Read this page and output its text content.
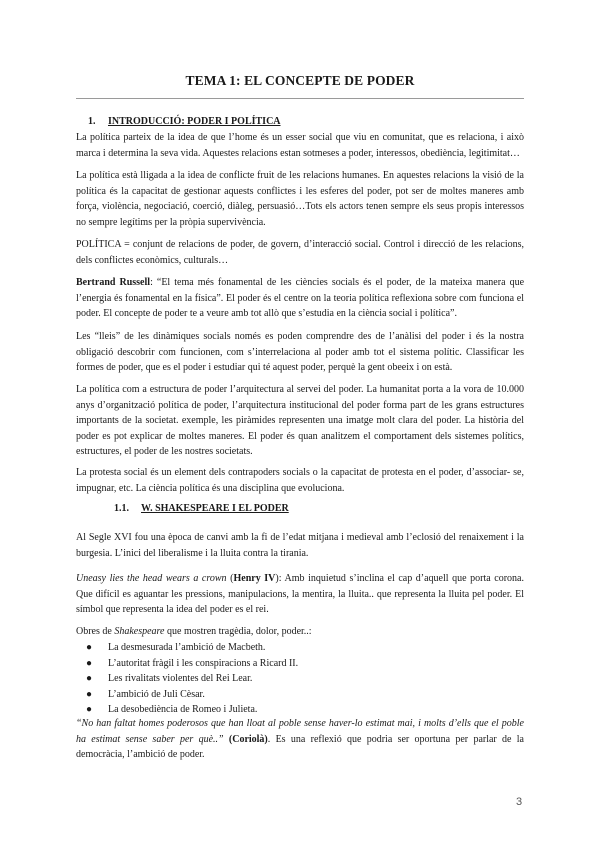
TEMA 1: EL CONCEPTE DE PODER
1. INTRODUCCIÓ: PODER I POLÍTICA
La política parteix de la idea de que l’home és un esser social que viu en comunitat, que es relaciona, i això marca i determina la seva vida. Aquestes relacions estan sotmeses a poder, interessos, obediència, legitimitat…
La política està lligada a la idea de conflicte fruit de les relacions humanes. En aquestes relacions la visió de la política és la capacitat de gestionar aquests conflictes i les esferes del poder, pot ser de moltes maneres amb força, violència, negociació, coerció, diàleg, persuasió…Tots els actors tenen sempre els seus propis interessos no sempre legítims per la pròpia supervivència.
POLÍTICA = conjunt de relacions de poder, de govern, d’interacció social. Control i direcció de les relacions, dels conflictes econòmics, culturals…
Bertrand Russell: “El tema més fonamental de les ciències socials és el poder, de la mateixa manera que l’energia és fonamental en la física”. El poder és el centre on la teoria política reflexiona sobre com funciona el poder. El concepte de poder te a veure amb tot allò que s’estudia en la ciència social i política”.
Les “lleis” de les dinàmiques socials només es poden comprendre des de l’anàlisi del poder i és la nostra obligació descobrir com funcionen, com s’interrelaciona al poder amb tot el sistema polític. Classificar les formes de poder, que es el poder i estudiar qui té aquest poder, perquè la gent obeeix i on està.
La política com a estructura de poder l’arquitectura al servei del poder. La humanitat porta a la vora de 10.000 anys d’organització política de poder, l’arquitectura institucional del poder forma part de les grans estructures importants de la societat. exemple, les piràmides representen una imatge molt clara del poder. La història del poder es pot explicar de moltes maneres. El poder és quan analitzem el comportament dels sistemes polítics, estructures, el poder de les nostres societats.
La protesta social és un element dels contrapoders socials o la capacitat de protesta en el poder, d’associar- se, impugnar, etc. La ciència política és una disciplina que evoluciona.
1.1. W. SHAKESPEARE I EL PODER
Al Segle XVI fou una època de canvi amb la fi de l’edat mitjana i medieval amb l’eclosió del renaixement i la burgesia. L’inici del liberalisme i la lluita contra la tirania.
Uneasy lies the head wears a crown (Henry IV): Amb inquietud s’inclina el cap d’aquell que porta corona. Que difícil es aguantar les pressions, manipulacions, la mentira, la lluita.. que representa la lluita pel poder. El símbol que representa la idea del poder es el rei.
Obres de Shakespeare que mostren tragèdia, dolor, poder..:
● La desmesurada l’ambició de Macbeth.
● L’autoritat fràgil i les conspiracions a Ricard II.
● Les rivalitats violentes del Rei Lear.
● L’ambició de Juli Cèsar.
● La desobediència de Romeo i Julieta.
“No han faltat homes poderosos que han lloat al poble sense haver-lo estimat mai, i molts d’ells que el poble ha estimat sense saber per què..” (Coriolà). Es una reflexió que podria ser oportuna per parlar de la democràcia, l’ambició de poder.
3
